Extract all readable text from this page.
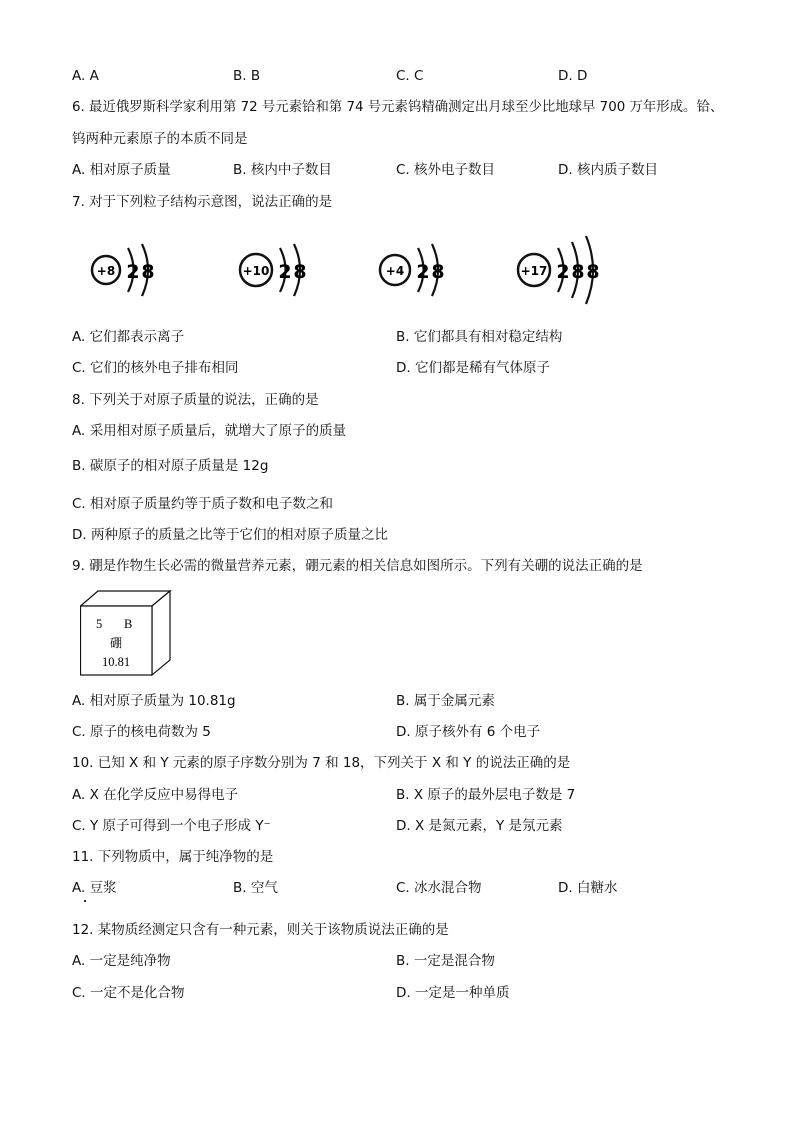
A. A	B. B	C. C	D. D
6. 最近俄罗斯科学家利用第 72 号元素铪和第 74 号元素钨精确测定出月球至少比地球早 700 万年形成。铪、
钨两种元素原子的本质不同是
A. 相对原子质量	B. 核内中子数目	C. 核外电子数目	D. 核内质子数目
7. 对于下列粒子结构示意图，说法正确的是
+8 2 8	+10 2 8	+4 2 8	+17 2 8 8
A. 它们都表示离子	B. 它们都具有相对稳定结构
C. 它们的核外电子排布相同	D. 它们都是稀有气体原子
8. 下列关于对原子质量的说法，正确的是
A. 采用相对原子质量后，就增大了原子的质量
B. 碳原子的相对原子质量是 12g
C. 相对原子质量约等于质子数和电子数之和
D. 两种原子的质量之比等于它们的相对原子质量之比
9. 硼是作物生长必需的微量营养元素，硼元素的相关信息如图所示。下列有关硼的说法正确的是
5 B
硼
10.81
A. 相对原子质量为 10.81g	B. 属于金属元素
C. 原子的核电荷数为 5	D. 原子核外有 6 个电子
10. 已知 X 和 Y 元素的原子序数分别为 7 和 18，下列关于 X 和 Y 的说法正确的是
A. X 在化学反应中易得电子	B. X 原子的最外层电子数是 7
C. Y 原子可得到一个电子形成 Y⁻	D. X 是氮元素，Y 是氖元素
11. 下列物质中，属于纯净物的是
A. 豆浆	B. 空气	C. 冰水混合物	D. 白糖水
12. 某物质经测定只含有一种元素，则关于该物质说法正确的是
A. 一定是纯净物	B. 一定是混合物
C. 一定不是化合物	D. 一定是一种单质
